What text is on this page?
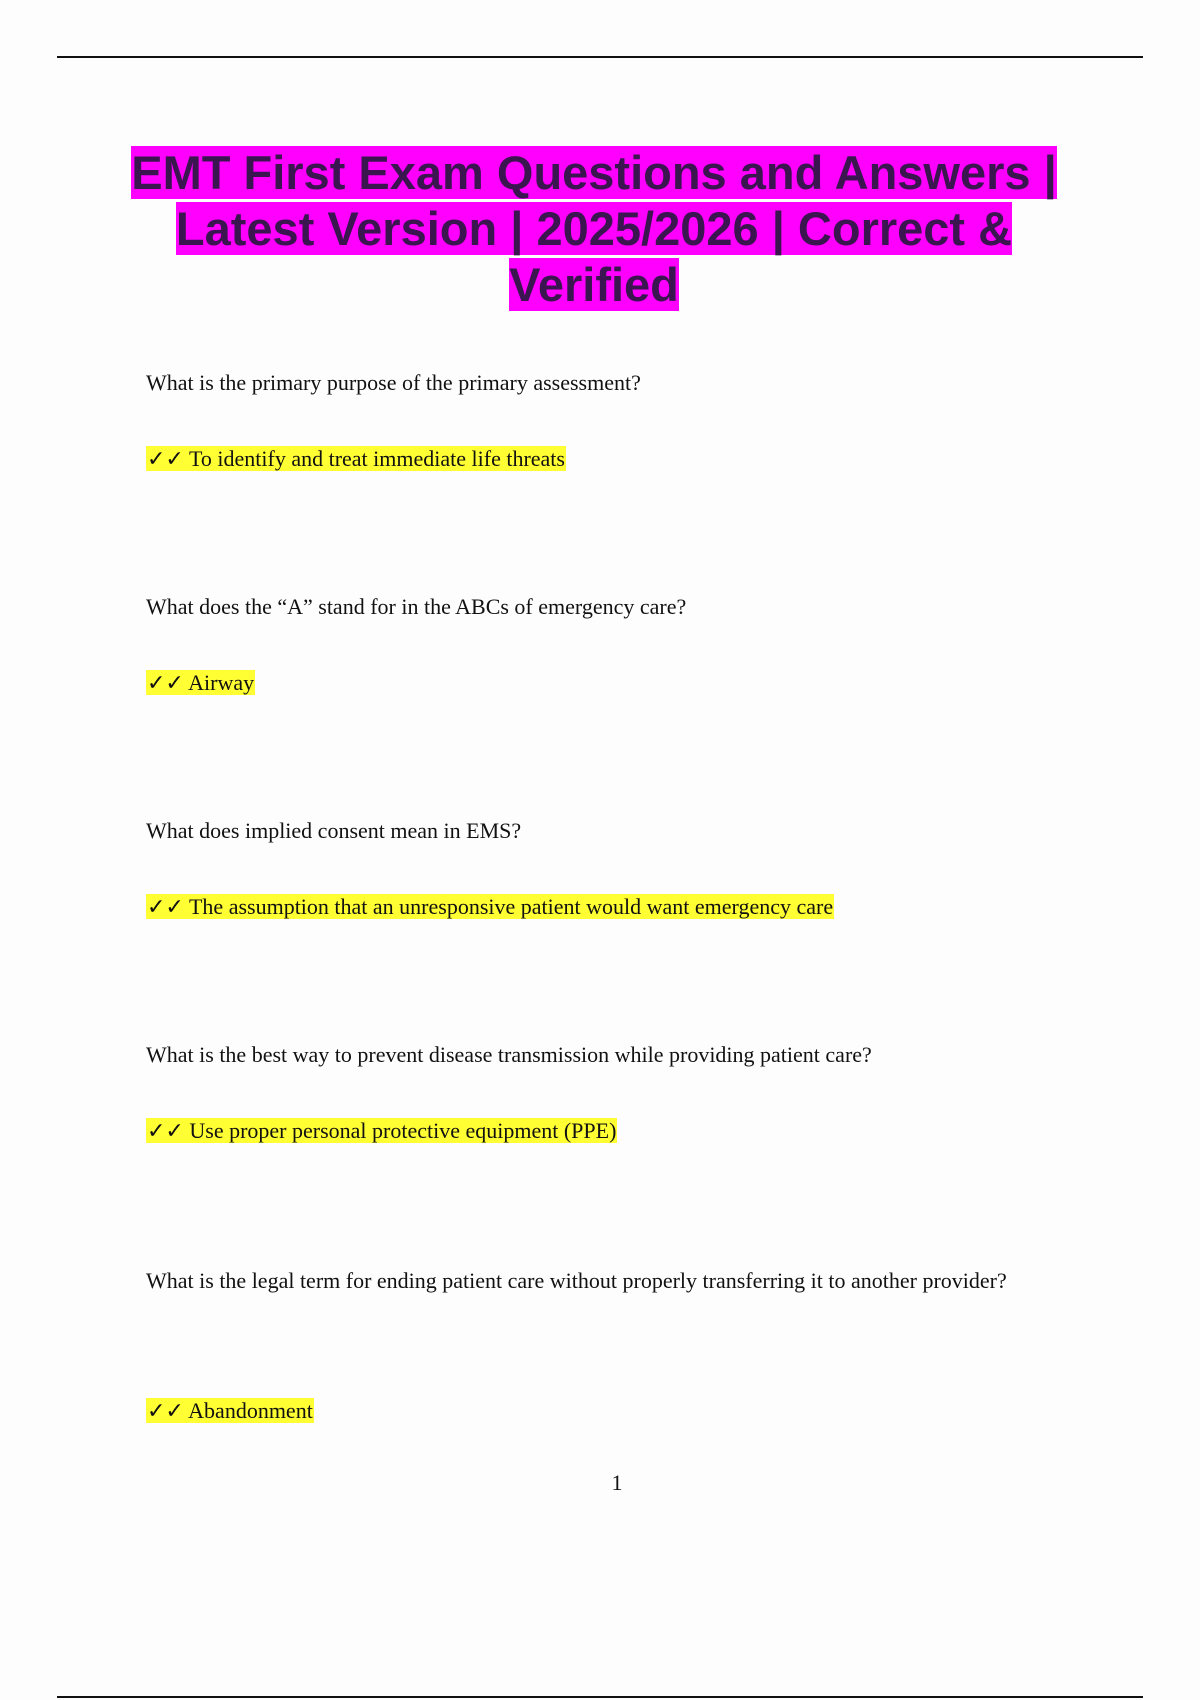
EMT First Exam Questions and Answers | Latest Version | 2025/2026 | Correct & Verified

What is the primary purpose of the primary assessment?

✓✓ To identify and treat immediate life threats

What does the “A” stand for in the ABCs of emergency care?

✓✓ Airway

What does implied consent mean in EMS?

✓✓ The assumption that an unresponsive patient would want emergency care

What is the best way to prevent disease transmission while providing patient care?

✓✓ Use proper personal protective equipment (PPE)

What is the legal term for ending patient care without properly transferring it to another provider?

✓✓ Abandonment

1
